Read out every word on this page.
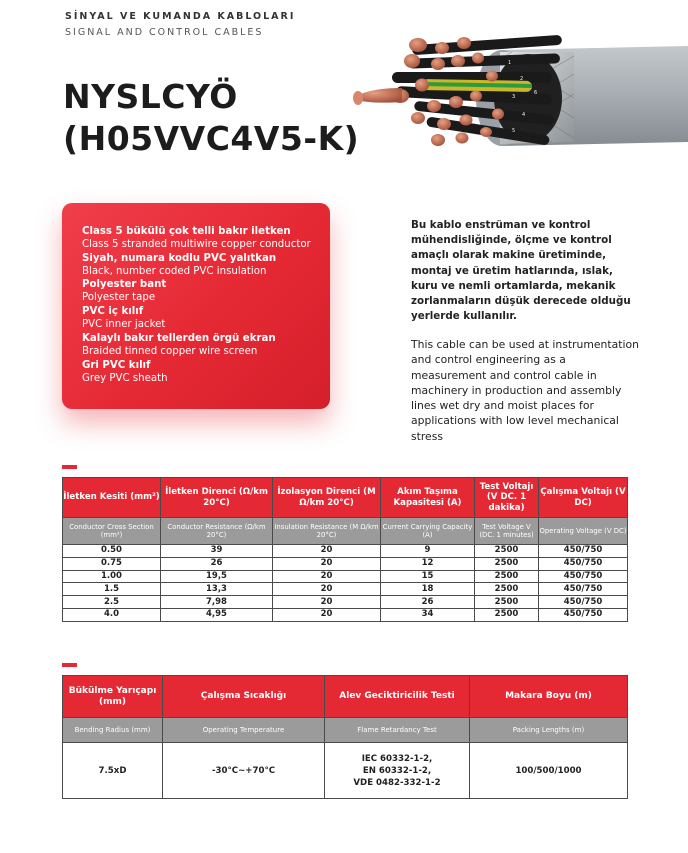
SİNYAL VE KUMANDA KABLOLARI
SIGNAL AND CONTROL CABLES
NYSLCYÖ
(H05VVC4V5-K)
1
2
3
4
5
6
Class 5 bükülü çok telli bakır iletken
Class 5 stranded multiwire copper conductor
Siyah, numara kodlu PVC yalıtkan
Black, number coded PVC insulation
Polyester bant
Polyester tape
PVC iç kılıf
PVC inner jacket
Kalaylı bakır tellerden örgü ekran
Braided tinned copper wire screen
Gri PVC kılıf
Grey PVC sheath

Bu kablo enstrüman ve kontrol mühendisliğinde, ölçme ve kontrol amaçlı olarak makine üretiminde, montaj ve üretim hatlarında, ıslak, kuru ve nemli ortamlarda, mekanik zorlanmaların düşük derecede olduğu yerlerde kullanılır.

This cable can be used at instrumentation and control engineering as a measurement and control cable in machinery in production and assembly lines wet dry and moist places for applications with low level mechanical stress

İletken Kesiti (mm²)	İletken Direnci (Ω/km 20°C)	İzolasyon Direnci (M Ω/km 20°C)	Akım Taşıma Kapasitesi (A)	Test Voltajı (V DC. 1 dakika)	Çalışma Voltajı (V DC)
Conductor Cross Section (mm²)	Conductor Resistance (Ω/km 20°C)	Insulation Resistance (M Ω/km 20°C)	Current Carrying Capacity (A)	Test Voltage V (DC. 1 minutes)	Operating Voltage (V DC)
0.50	39	20	9	2500	450/750
0.75	26	20	12	2500	450/750
1.00	19,5	20	15	2500	450/750
1.5	13,3	20	18	2500	450/750
2.5	7,98	20	26	2500	450/750
4.0	4,95	20	34	2500	450/750
Bükülme Yarıçapı (mm)	Çalışma Sıcaklığı	Alev Geciktiricilik Testi	Makara Boyu (m)
Bending Radius (mm)	Operating Temperature	Flame Retardancy Test	Packing Lengths (m)
7.5xD	-30°C~+70°C	IEC 60332-1-2,
EN 60332-1-2,
VDE 0482-332-1-2	100/500/1000
